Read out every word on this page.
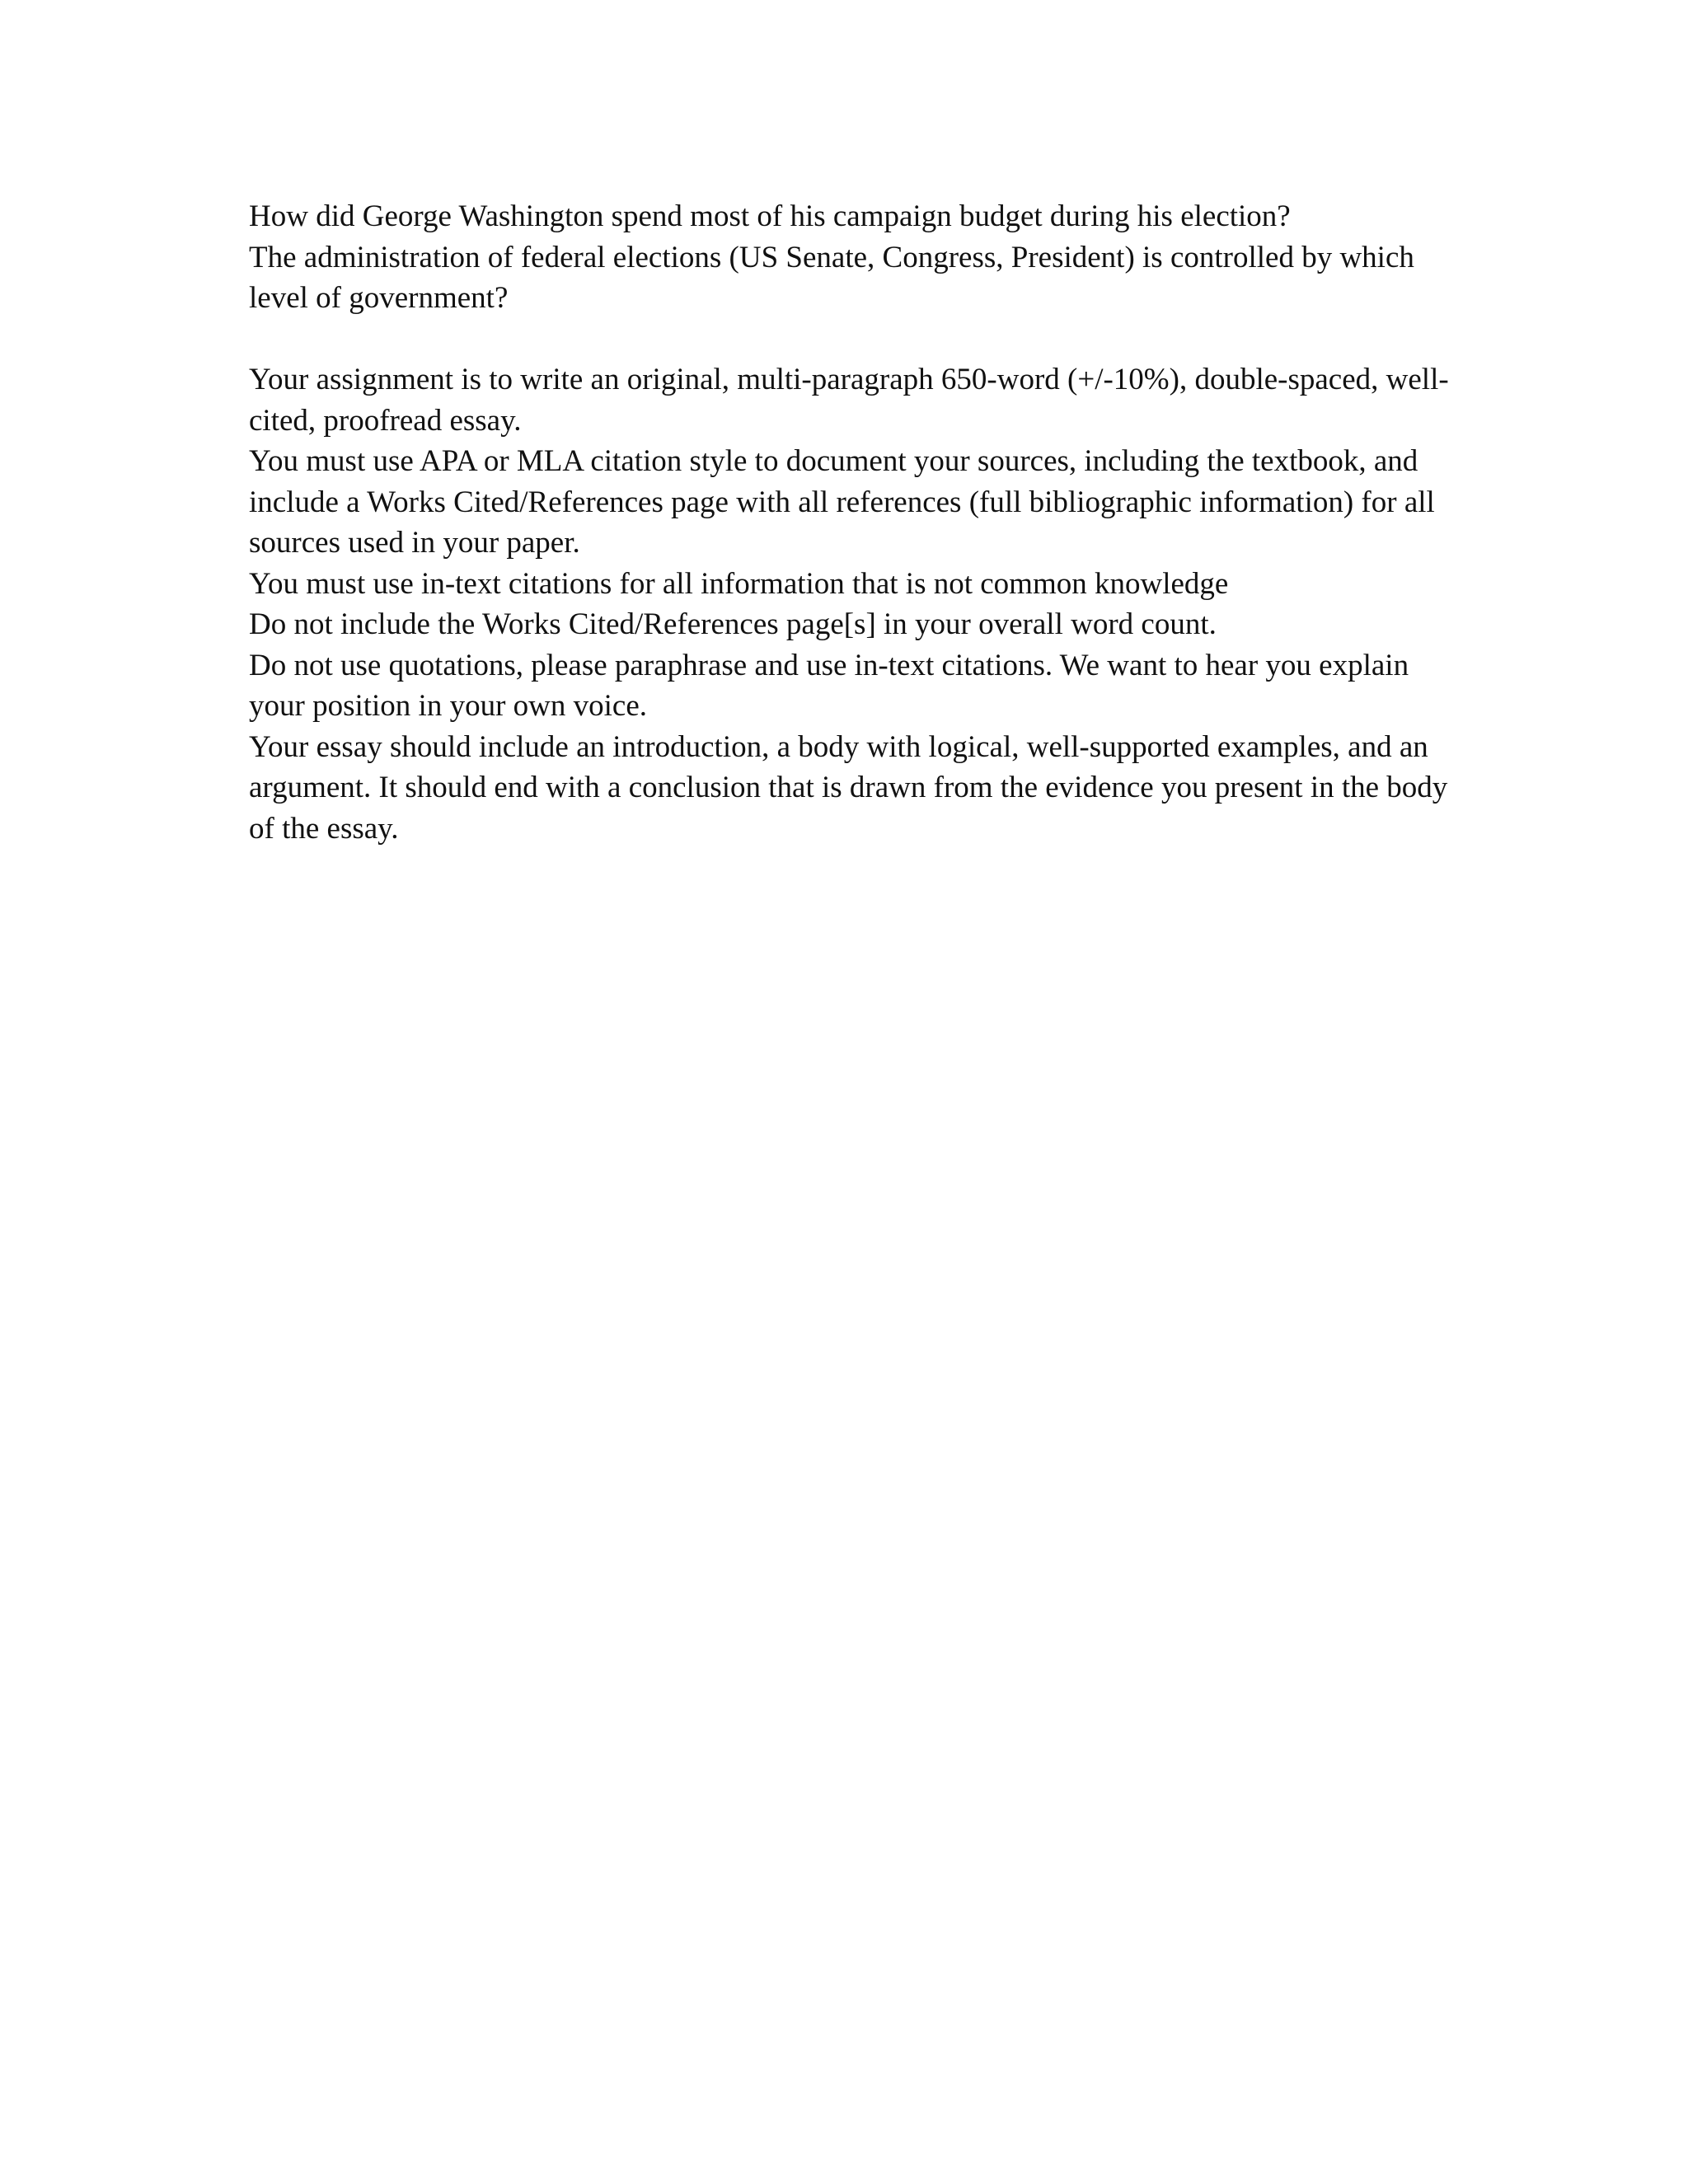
How did George Washington spend most of his campaign budget during his election?

The administration of federal elections (US Senate, Congress, President) is controlled by which level of government?

Your assignment is to write an original, multi-paragraph 650-word (+/-10%), double-spaced, well-cited, proofread essay.

You must use APA or MLA citation style to document your sources, including the textbook, and include a Works Cited/References page with all references (full bibliographic information) for all sources used in your paper.

You must use in-text citations for all information that is not common knowledge

Do not include the Works Cited/References page[s] in your overall word count.

Do not use quotations, please paraphrase and use in-text citations. We want to hear you explain your position in your own voice.

Your essay should include an introduction, a body with logical, well-supported examples, and an argument. It should end with a conclusion that is drawn from the evidence you present in the body of the essay.
